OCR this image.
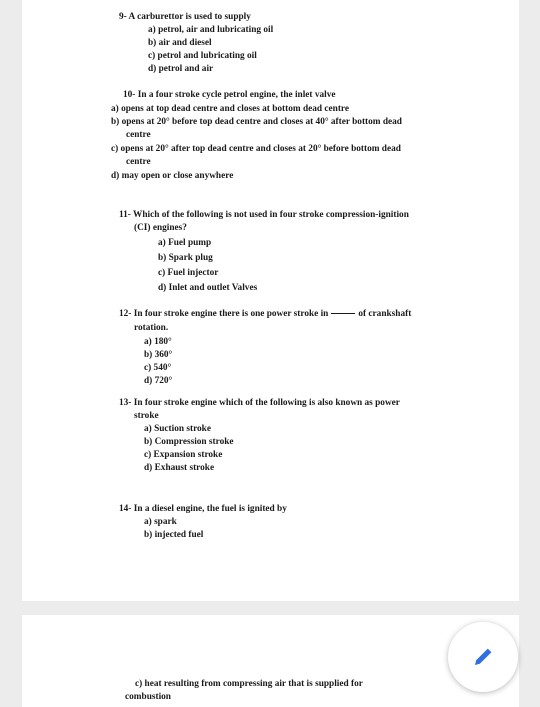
9- A carburettor is used to supply
a) petrol, air and lubricating oil
b) air and diesel
c) petrol and lubricating oil
d) petrol and air
10- In a four stroke cycle petrol engine, the inlet valve
a) opens at top dead centre and closes at bottom dead centre
b) opens at 20° before top dead centre and closes at 40° after bottom dead
centre
c) opens at 20° after top dead centre and closes at 20° before bottom dead
centre
d) may open or close anywhere
11- Which of the following is not used in four stroke compression-ignition
(CI) engines?
a) Fuel pump
b) Spark plug
c) Fuel injector
d) Inlet and outlet Valves
12- In four stroke engine there is one power stroke in	of crankshaft
rotation.
a) 180°
b) 360°
c) 540°
d) 720°
13- In four stroke engine which of the following is also known as power
stroke
a) Suction stroke
b) Compression stroke
c) Expansion stroke
d) Exhaust stroke
14- In a diesel engine, the fuel is ignited by
a) spark
b) injected fuel
c) heat resulting from compressing air that is supplied for
combustion
